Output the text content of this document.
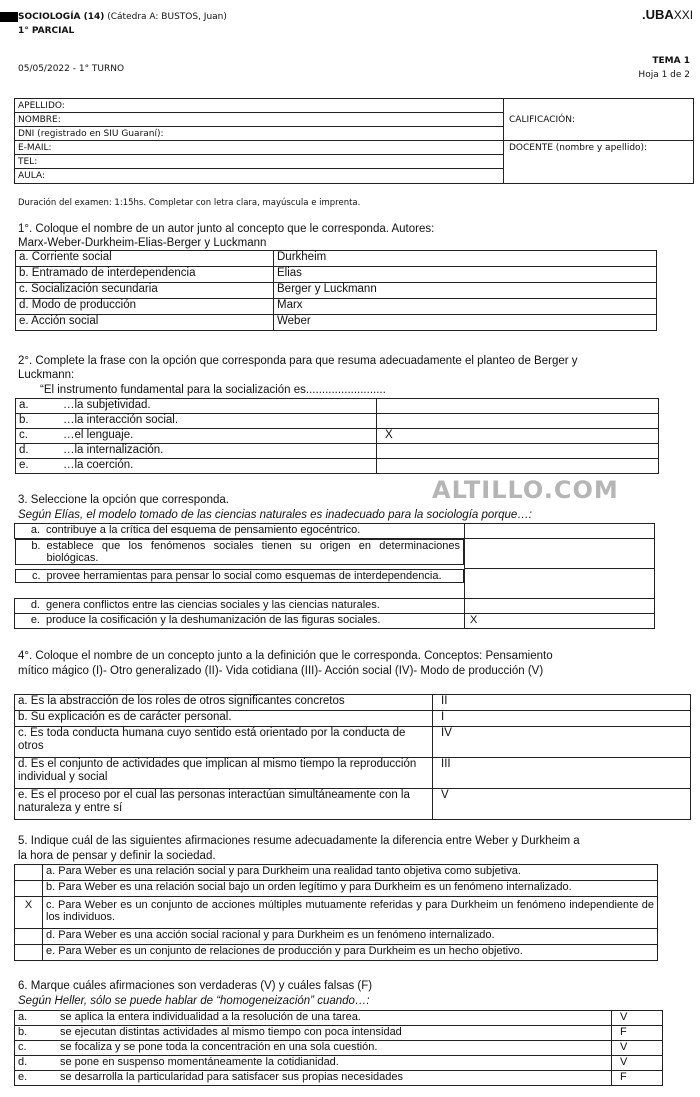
SOCIOLOGÍA (14) (Cátedra A: BUSTOS, Juan)
1° PARCIAL
05/05/2022 - 1° TURNO
.UBAXXI
TEMA 1
Hoja 1 de 2
APELLIDO:
NOMBRE:
DNI (registrado en SIU Guaraní):
E-MAIL:
TEL:
AULA:
CALIFICACIÓN:
DOCENTE (nombre y apellido):
Duración del examen: 1:15hs. Completar con letra clara, mayúscula e imprenta.
1°. Coloque el nombre de un autor junto al concepto que le corresponda. Autores:
Marx-Weber-Durkheim-Elias-Berger y Luckmann
a. Corriente social	Durkheim
b. Entramado de interdependencia	Elias
c. Socialización secundaria	Berger y Luckmann
d. Modo de producción	Marx
e. Acción social	Weber
2°. Complete la frase con la opción que corresponda para que resuma adecuadamente el planteo de Berger y
Luckmann:
“El instrumento fundamental para la socialización es.........................
a. …la subjetividad.	
b. …la interacción social.	
c. …el lenguaje.	X
d. …la internalización.	
e. …la coerción.	
ALTILLO.COM
3. Seleccione la opción que corresponda.
Según Elías, el modelo tomado de las ciencias naturales es inadecuado para la sociología porque…:
a. contribuye a la crítica del esquema de pensamiento egocéntrico.	

b. establece que los fenómenos sociales tienen su origen en determinaciones biológicas.

c. provee herramientas para pensar lo social como esquemas de interdependencia.

d. genera conflictos entre las ciencias sociales y las ciencias naturales.	
e. produce la cosificación y la deshumanización de las figuras sociales.	X
4°. Coloque el nombre de un concepto junto a la definición que le corresponda. Conceptos: Pensamiento
mítico mágico (I)- Otro generalizado (II)- Vida cotidiana (III)- Acción social (IV)- Modo de producción (V)
a. Es la abstracción de los roles de otros significantes concretos	II
b. Su explicación es de carácter personal.	I
c. Es toda conducta humana cuyo sentido está orientado por la conducta de otros	IV
d. Es el conjunto de actividades que implican al mismo tiempo la reproducción individual y social	III
e. Es el proceso por el cual las personas interactúan simultáneamente con la naturaleza y entre sí	V
5. Indique cuál de las siguientes afirmaciones resume adecuadamente la diferencia entre Weber y Durkheim a
la hora de pensar y definir la sociedad.
	a. Para Weber es una relación social y para Durkheim una realidad tanto objetiva como subjetiva.
	b. Para Weber es una relación social bajo un orden legítimo y para Durkheim es un fenómeno internalizado.
X	c. Para Weber es un conjunto de acciones múltiples mutuamente referidas y para Durkheim un fenómeno independiente de los individuos.
	d. Para Weber es una acción social racional y para Durkheim es un fenómeno internalizado.
	e. Para Weber es un conjunto de relaciones de producción y para Durkheim es un hecho objetivo.
6. Marque cuáles afirmaciones son verdaderas (V) y cuáles falsas (F)
Según Heller, sólo se puede hablar de “homogeneización” cuando…:
a. se aplica la entera individualidad a la resolución de una tarea.	V
b. se ejecutan distintas actividades al mismo tiempo con poca intensidad	F
c. se focaliza y se pone toda la concentración en una sola cuestión.	V
d. se pone en suspenso momentáneamente la cotidianidad.	V
e. se desarrolla la particularidad para satisfacer sus propias necesidades	F
